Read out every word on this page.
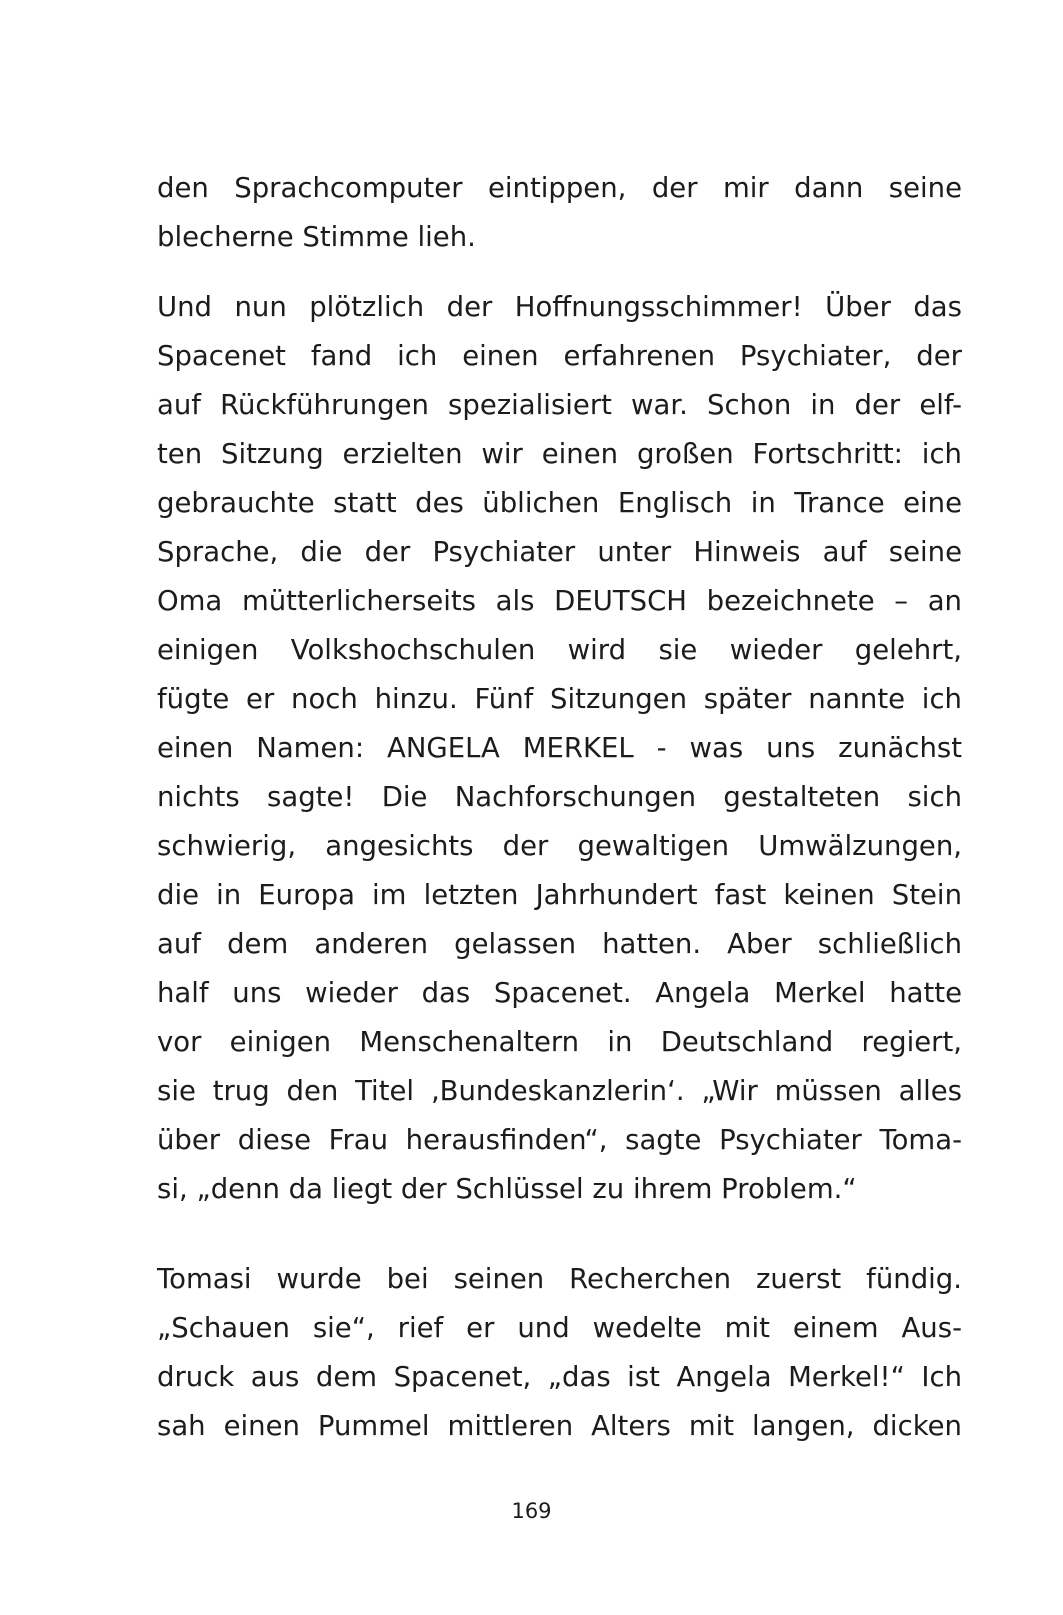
den Sprachcomputer eintippen, der mir dann seine
blecherne Stimme lieh.
Und nun plötzlich der Hoffnungsschimmer! Über das
Spacenet fand ich einen erfahrenen Psychiater, der
auf Rückführungen spezialisiert war. Schon in der elf-
ten Sitzung erzielten wir einen großen Fortschritt: ich
gebrauchte statt des üblichen Englisch in Trance eine
Sprache, die der Psychiater unter Hinweis auf seine
Oma mütterlicherseits als DEUTSCH bezeichnete – an
einigen Volkshochschulen wird sie wieder gelehrt,
fügte er noch hinzu. Fünf Sitzungen später nannte ich
einen Namen: ANGELA MERKEL - was uns zunächst
nichts sagte! Die Nachforschungen gestalteten sich
schwierig, angesichts der gewaltigen Umwälzungen,
die in Europa im letzten Jahrhundert fast keinen Stein
auf dem anderen gelassen hatten. Aber schließlich
half uns wieder das Spacenet. Angela Merkel hatte
vor einigen Menschenaltern in Deutschland regiert,
sie trug den Titel ‚Bundeskanzlerin‘. „Wir müssen alles
über diese Frau herausfinden“, sagte Psychiater Toma-
si, „denn da liegt der Schlüssel zu ihrem Problem.“
Tomasi wurde bei seinen Recherchen zuerst fündig.
„Schauen sie“, rief er und wedelte mit einem Aus-
druck aus dem Spacenet, „das ist Angela Merkel!“ Ich
sah einen Pummel mittleren Alters mit langen, dicken
169
